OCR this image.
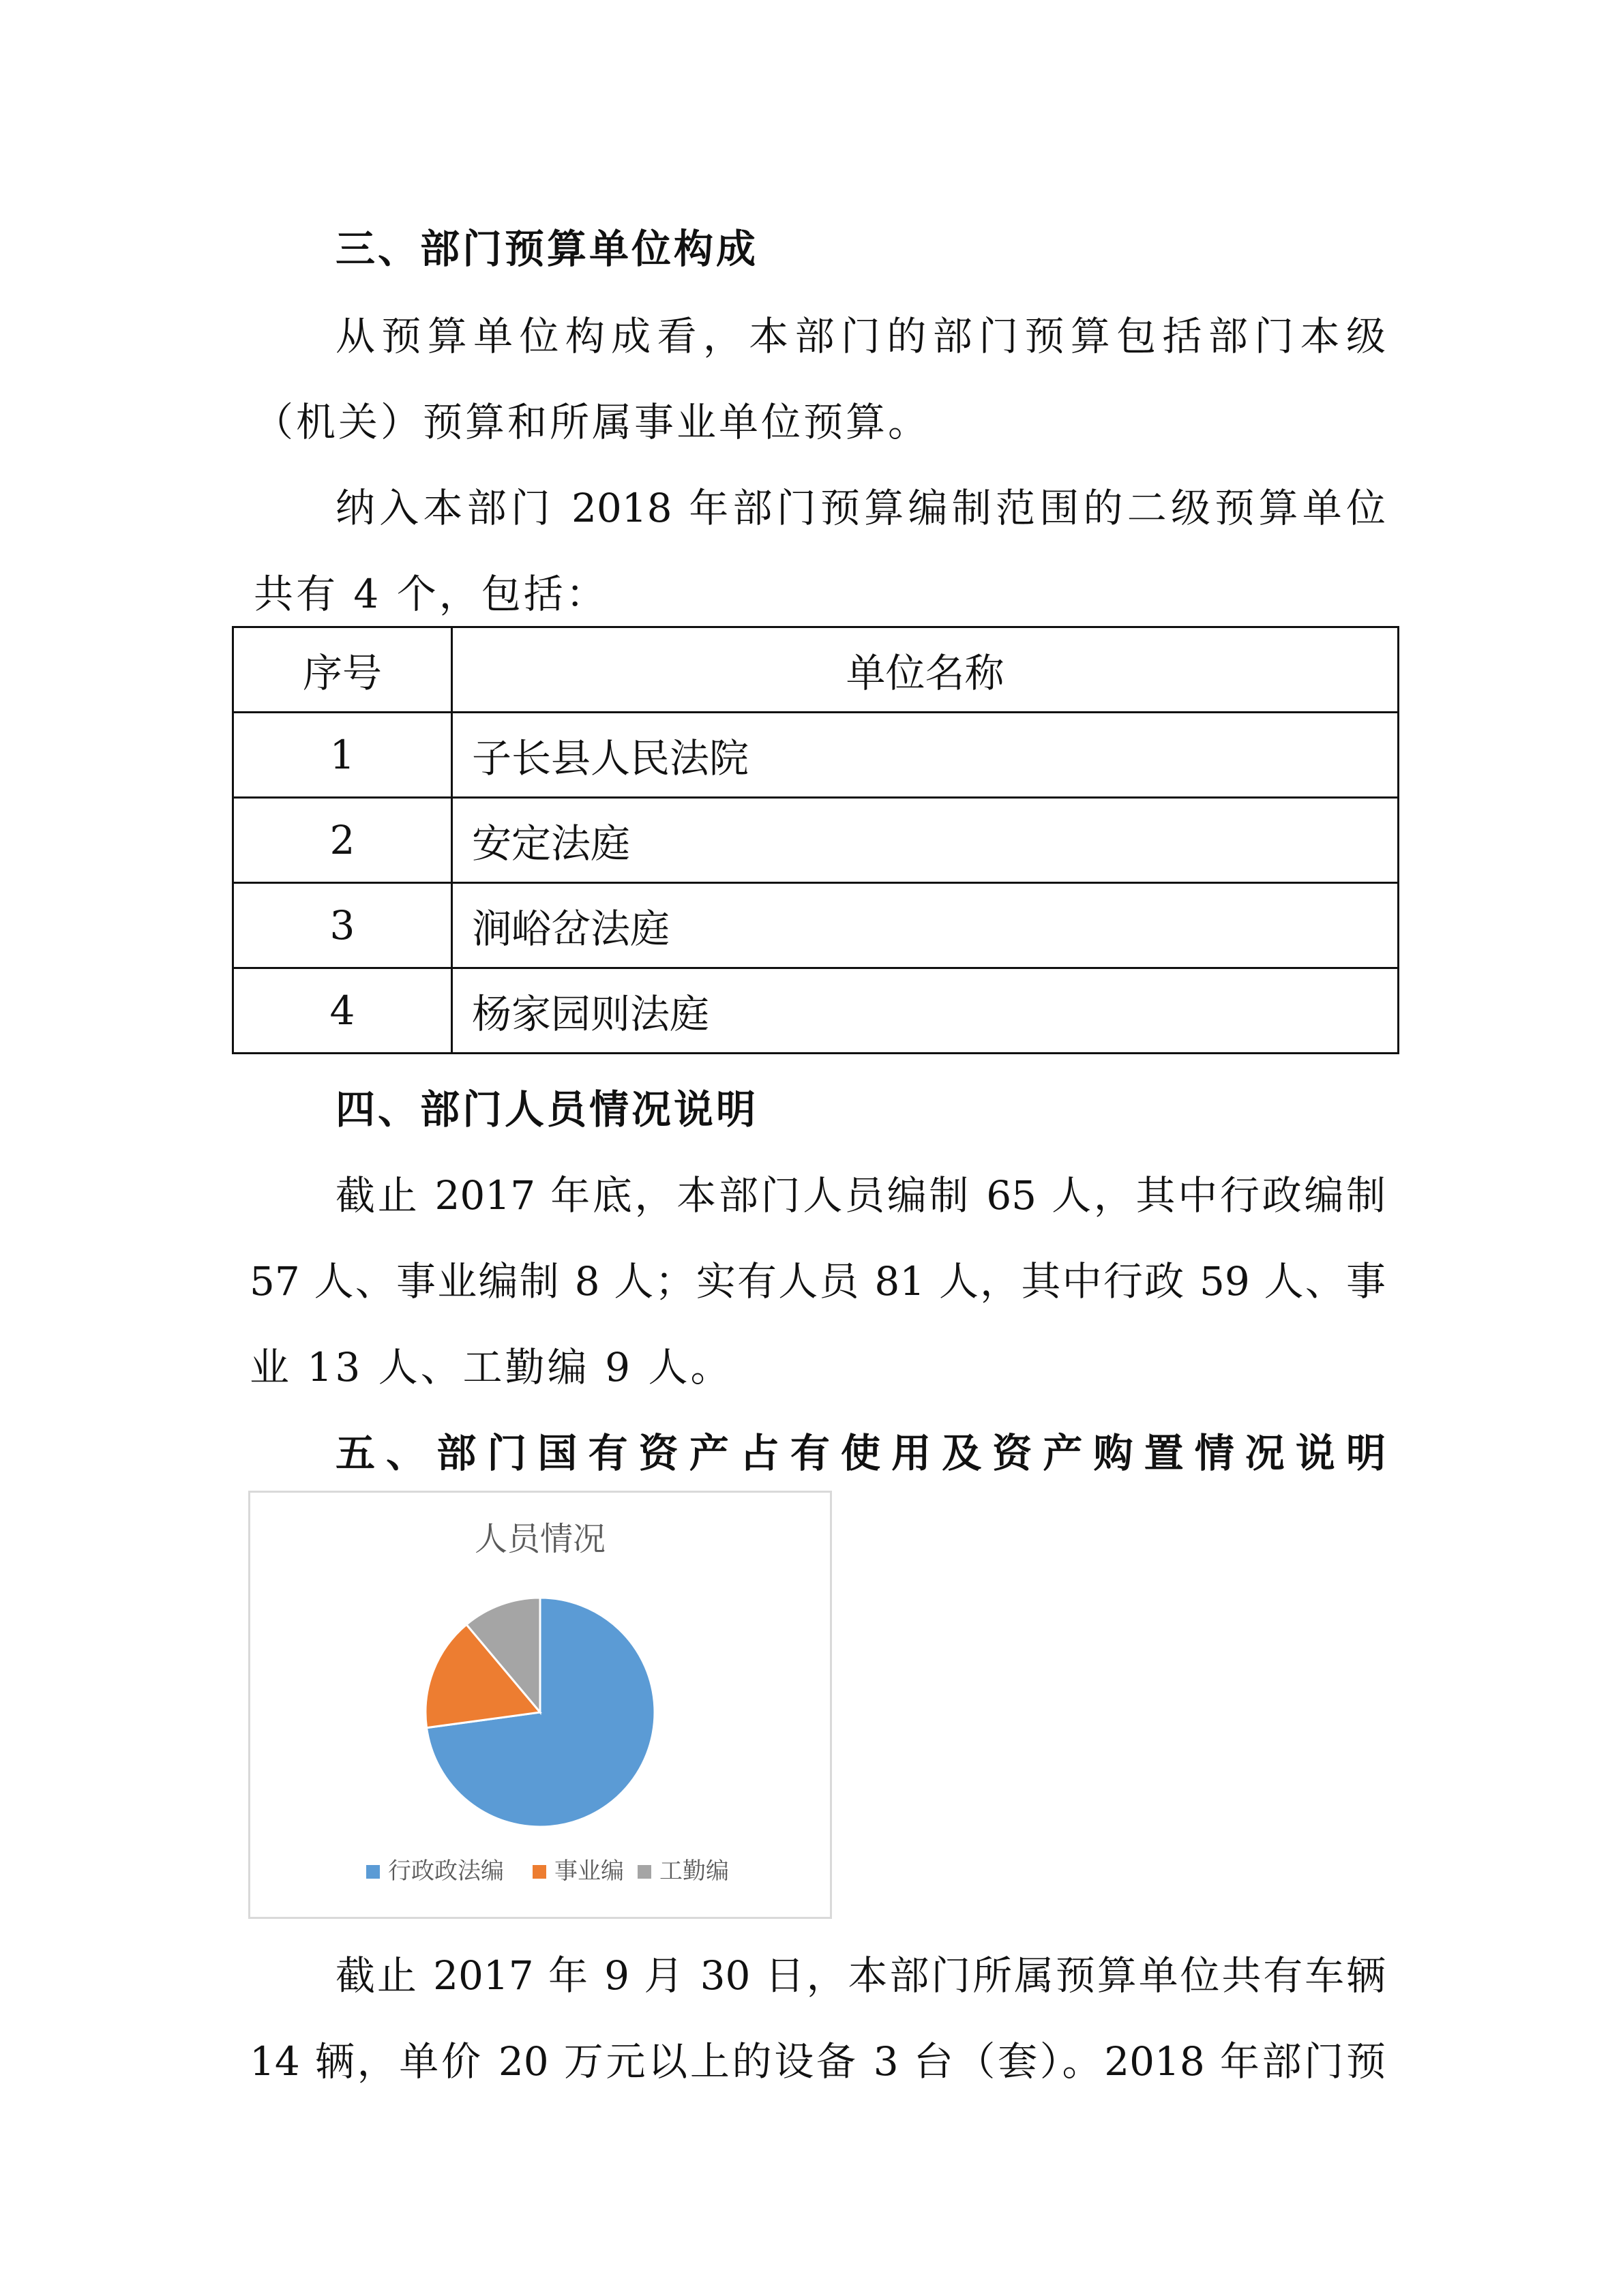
三、部门预算单位构成
从预算单位构成看，本部门的部门预算包括部门本级
（机关）预算和所属事业单位预算。
纳入本部门 2018 年部门预算编制范围的二级预算单位
共有 4 个，包括：
序号	单位名称
1	子长县人民法院
2	安定法庭
3	涧峪岔法庭
4	杨家园则法庭
四、部门人员情况说明
截止 2017 年底，本部门人员编制 65 人，其中行政编制
57 人、事业编制 8 人；实有人员 81 人，其中行政 59 人、事
业 13 人、工勤编 9 人。
五、部门国有资产占有使用及资产购置情况说明
人员情况
行政政法编 事业编 工勤编
截止 2017 年 9 月 30 日，本部门所属预算单位共有车辆
14 辆，单价 20 万元以上的设备 3 台（套）。2018 年部门预
